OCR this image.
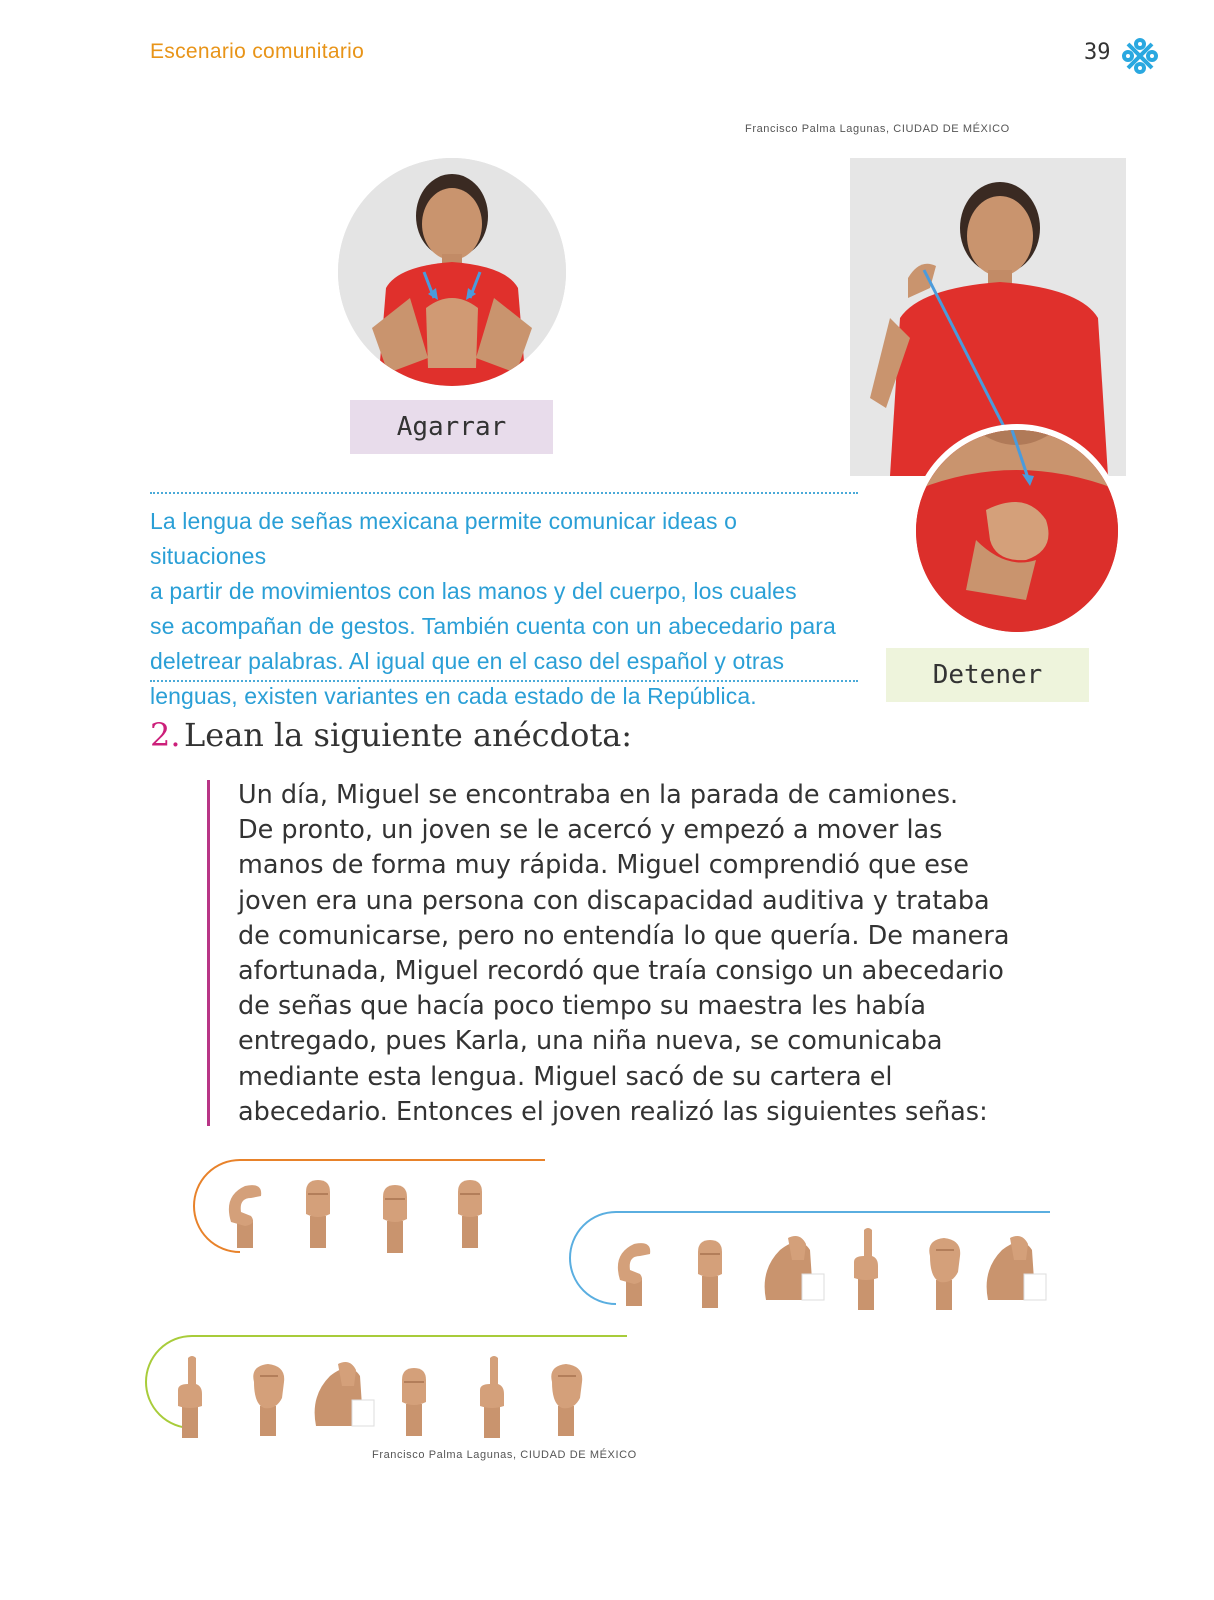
Escenario comunitario	39
Francisco Palma Lagunas, CIUDAD DE MÉXICO
Agarrar
Detener
La lengua de señas mexicana permite comunicar ideas o situaciones
a partir de movimientos con las manos y del cuerpo, los cuales
se acompañan de gestos. También cuenta con un abecedario para
deletrear palabras. Al igual que en el caso del español y otras
lenguas, existen variantes en cada estado de la República.
2. Lean la siguiente anécdota:
Un día, Miguel se encontraba en la parada de camiones.
De pronto, un joven se le acercó y empezó a mover las
manos de forma muy rápida. Miguel comprendió que ese
joven era una persona con discapacidad auditiva y trataba
de comunicarse, pero no entendía lo que quería. De manera
afortunada, Miguel recordó que traía consigo un abecedario
de señas que hacía poco tiempo su maestra les había
entregado, pues Karla, una niña nueva, se comunicaba
mediante esta lengua. Miguel sacó de su cartera el
abecedario. Entonces el joven realizó las siguientes señas:
Francisco Palma Lagunas, CIUDAD DE MÉXICO
